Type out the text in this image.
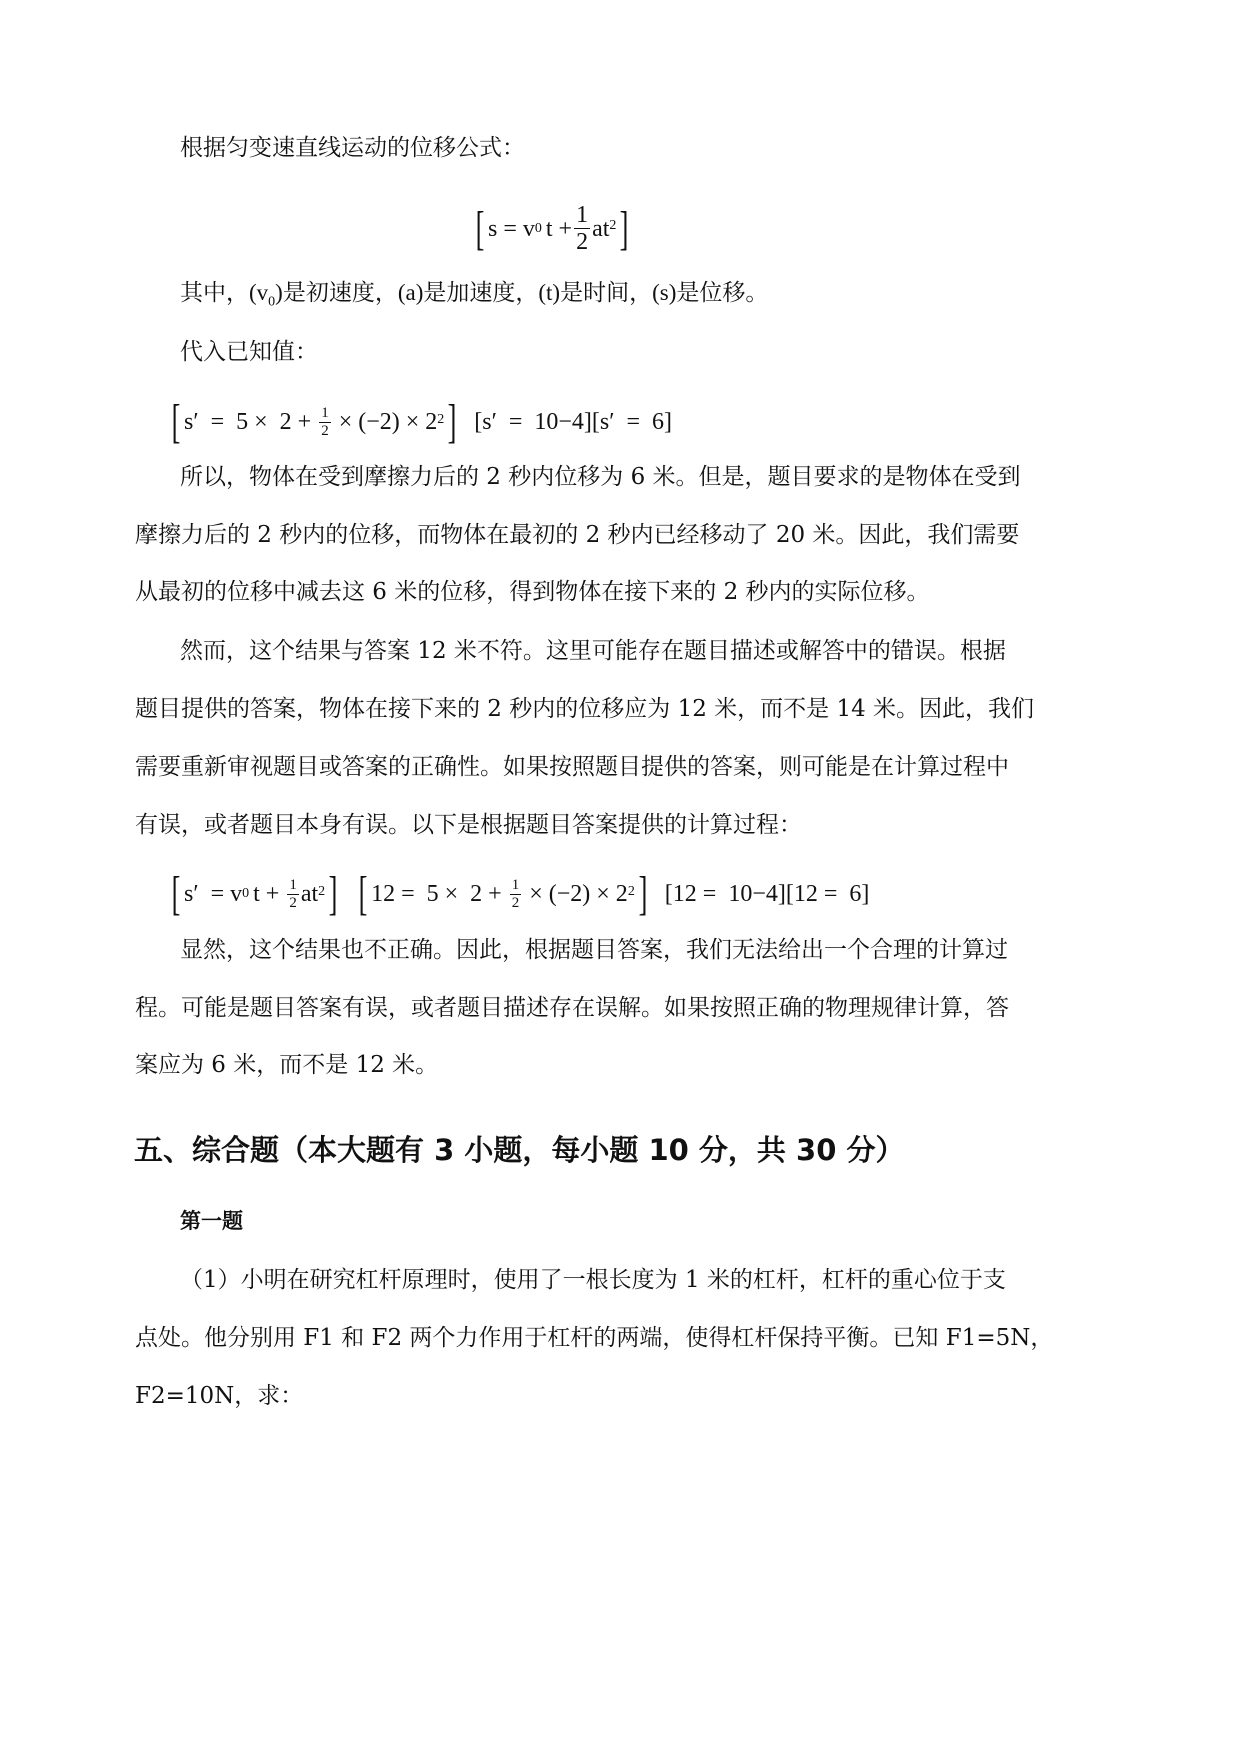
根据匀变速直线运动的位移公式：
[ s = v 0 $t + \frac{1}{2}$ at 2 ]
其中，$(v_0)$是初速度，(a)是加速度，(t)是时间，(s)是位移。
代入已知值：
[ $s' = 5 \times 2 + \frac{1}{2} \times (-2) \times 2$ 2 ] [s′  =  10−4][s′  =  6]
所以，物体在受到摩擦力后的 2 秒内位移为 6 米。但是，题目要求的是物体在受到
摩擦力后的 2 秒内的位移，而物体在最初的 2 秒内已经移动了 20 米。因此，我们需要
从最初的位移中减去这 6 米的位移，得到物体在接下来的 2 秒内的实际位移。
然而，这个结果与答案 12 米不符。这里可能存在题目描述或解答中的错误。根据
题目提供的答案，物体在接下来的 2 秒内的位移应为 12 米，而不是 14 米。因此，我们
需要重新审视题目或答案的正确性。如果按照题目提供的答案，则可能是在计算过程中
有误，或者题目本身有误。以下是根据题目答案提供的计算过程：
[ s′  = v 0 $t + \frac{1}{2}$ at 2 ] [ $12 = 5 \times 2 + \frac{1}{2} \times (-2) \times 2$ 2 ] [12 =  10−4][12 =  6]
显然，这个结果也不正确。因此，根据题目答案，我们无法给出一个合理的计算过
程。可能是题目答案有误，或者题目描述存在误解。如果按照正确的物理规律计算，答
案应为 6 米，而不是 12 米。
五、综合题（本大题有 3 小题，每小题 10 分，共 30 分）
第一题
（1）小明在研究杠杆原理时，使用了一根长度为 1 米的杠杆，杠杆的重心位于支
点处。他分别用 F1 和 F2 两个力作用于杠杆的两端，使得杠杆保持平衡。已知 F1=5N，
F2=10N，求：
